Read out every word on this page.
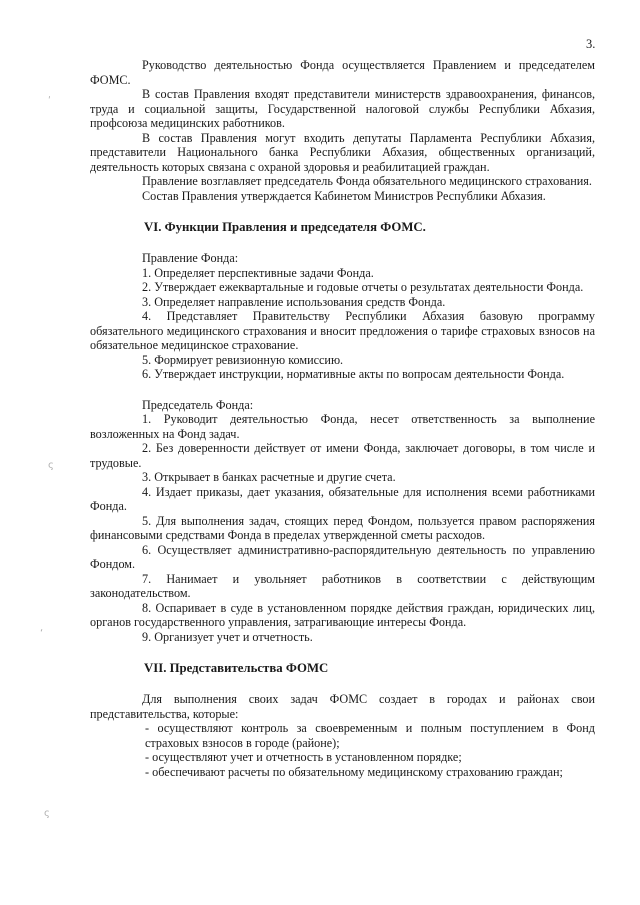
3.
ʹ
ς
‘
ς

Руководство деятельностью Фонда осуществляется Правлением и председателем ФОМС.

В состав Правления входят представители министерств здравоохранения, финансов, труда и социальной защиты, Государственной налоговой службы Республики Абхазия, профсоюза медицинских работников.

В состав Правления могут входить депутаты Парламента Республики Абхазия, представители Национального банка Республики Абхазия, общественных организаций, деятельность которых связана с охраной здоровья и реабилитацией граждан.

Правление возглавляет председатель Фонда обязательного медицинского страхования.

Состав Правления утверждается Кабинетом Министров Республики Абхазия.

VI. Функции Правления и председателя ФОМС.

Правление Фонда:

1. Определяет перспективные задачи Фонда.

2. Утверждает ежеквартальные и годовые отчеты о результатах деятельности Фонда.

3. Определяет направление использования средств Фонда.

4. Представляет Правительству Республики Абхазия базовую программу обязательного медицинского страхования и вносит предложения о тарифе страховых взносов на обязательное медицинское страхование.

5. Формирует ревизионную комиссию.

6. Утверждает инструкции, нормативные акты по вопросам деятельности Фонда.

Председатель Фонда:

1. Руководит деятельностью Фонда, несет ответственность за выполнение возложенных на Фонд задач.

2. Без доверенности действует от имени Фонда, заключает договоры, в том числе и трудовые.

3. Открывает в банках расчетные и другие счета.

4. Издает приказы, дает указания, обязательные для исполнения всеми работниками Фонда.

5. Для выполнения задач, стоящих перед Фондом, пользуется правом распоряжения финансовыми средствами Фонда в пределах утвержденной сметы расходов.

6. Осуществляет административно-распорядительную деятельность по управлению Фондом.

7. Нанимает и увольняет работников в соответствии с действующим законодательством.

8. Оспаривает в суде в установленном порядке действия граждан, юридических лиц, органов государственного управления, затрагивающие интересы Фонда.

9. Организует учет и отчетность.

VII. Представительства ФОМС

Для выполнения своих задач ФОМС создает в городах и районах свои представительства, которые:

- осуществляют контроль за своевременным и полным поступлением в Фонд страховых взносов в городе (районе);

- осуществляют учет и отчетность в установленном порядке;

- обеспечивают расчеты по обязательному медицинскому страхованию граждан;
